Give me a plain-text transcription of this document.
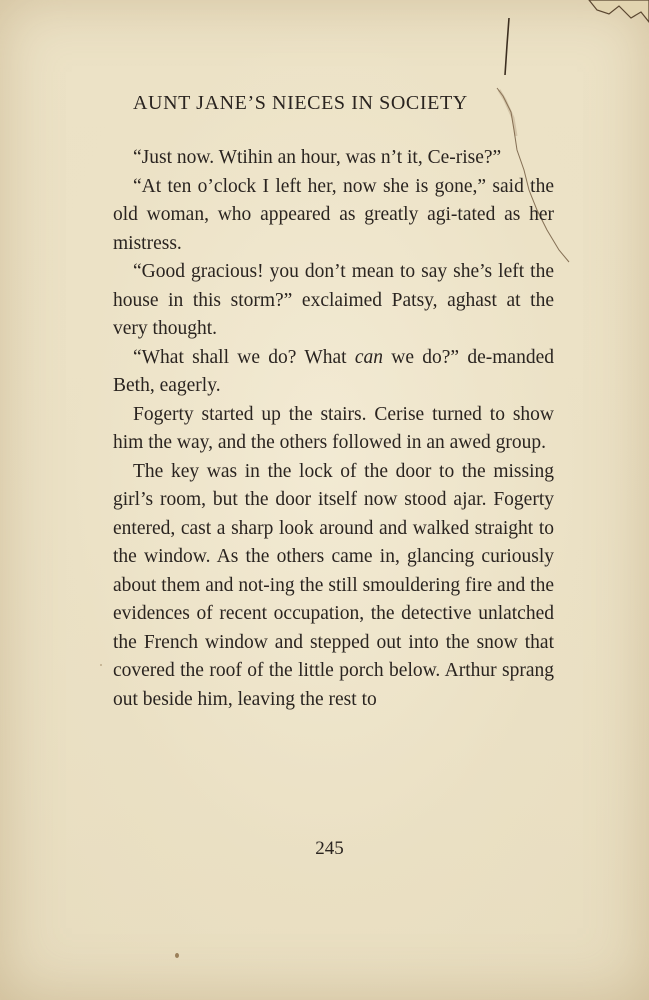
AUNT JANE’S NIECES IN SOCIETY

“Just now. Wtihin an hour, was n’t it, Ce-rise?”

“At ten o’clock I left her, now she is gone,” said the old woman, who appeared as greatly agi-tated as her mistress.

“Good gracious! you don’t mean to say she’s left the house in this storm?” exclaimed Patsy, aghast at the very thought.

“What shall we do? What can we do?” de-manded Beth, eagerly.

Fogerty started up the stairs. Cerise turned to show him the way, and the others followed in an awed group.

The key was in the lock of the door to the missing girl’s room, but the door itself now stood ajar. Fogerty entered, cast a sharp look around and walked straight to the window. As the others came in, glancing curiously about them and not-ing the still smouldering fire and the evidences of recent occupation, the detective unlatched the French window and stepped out into the snow that covered the roof of the little porch below. Arthur sprang out beside him, leaving the rest to

245
